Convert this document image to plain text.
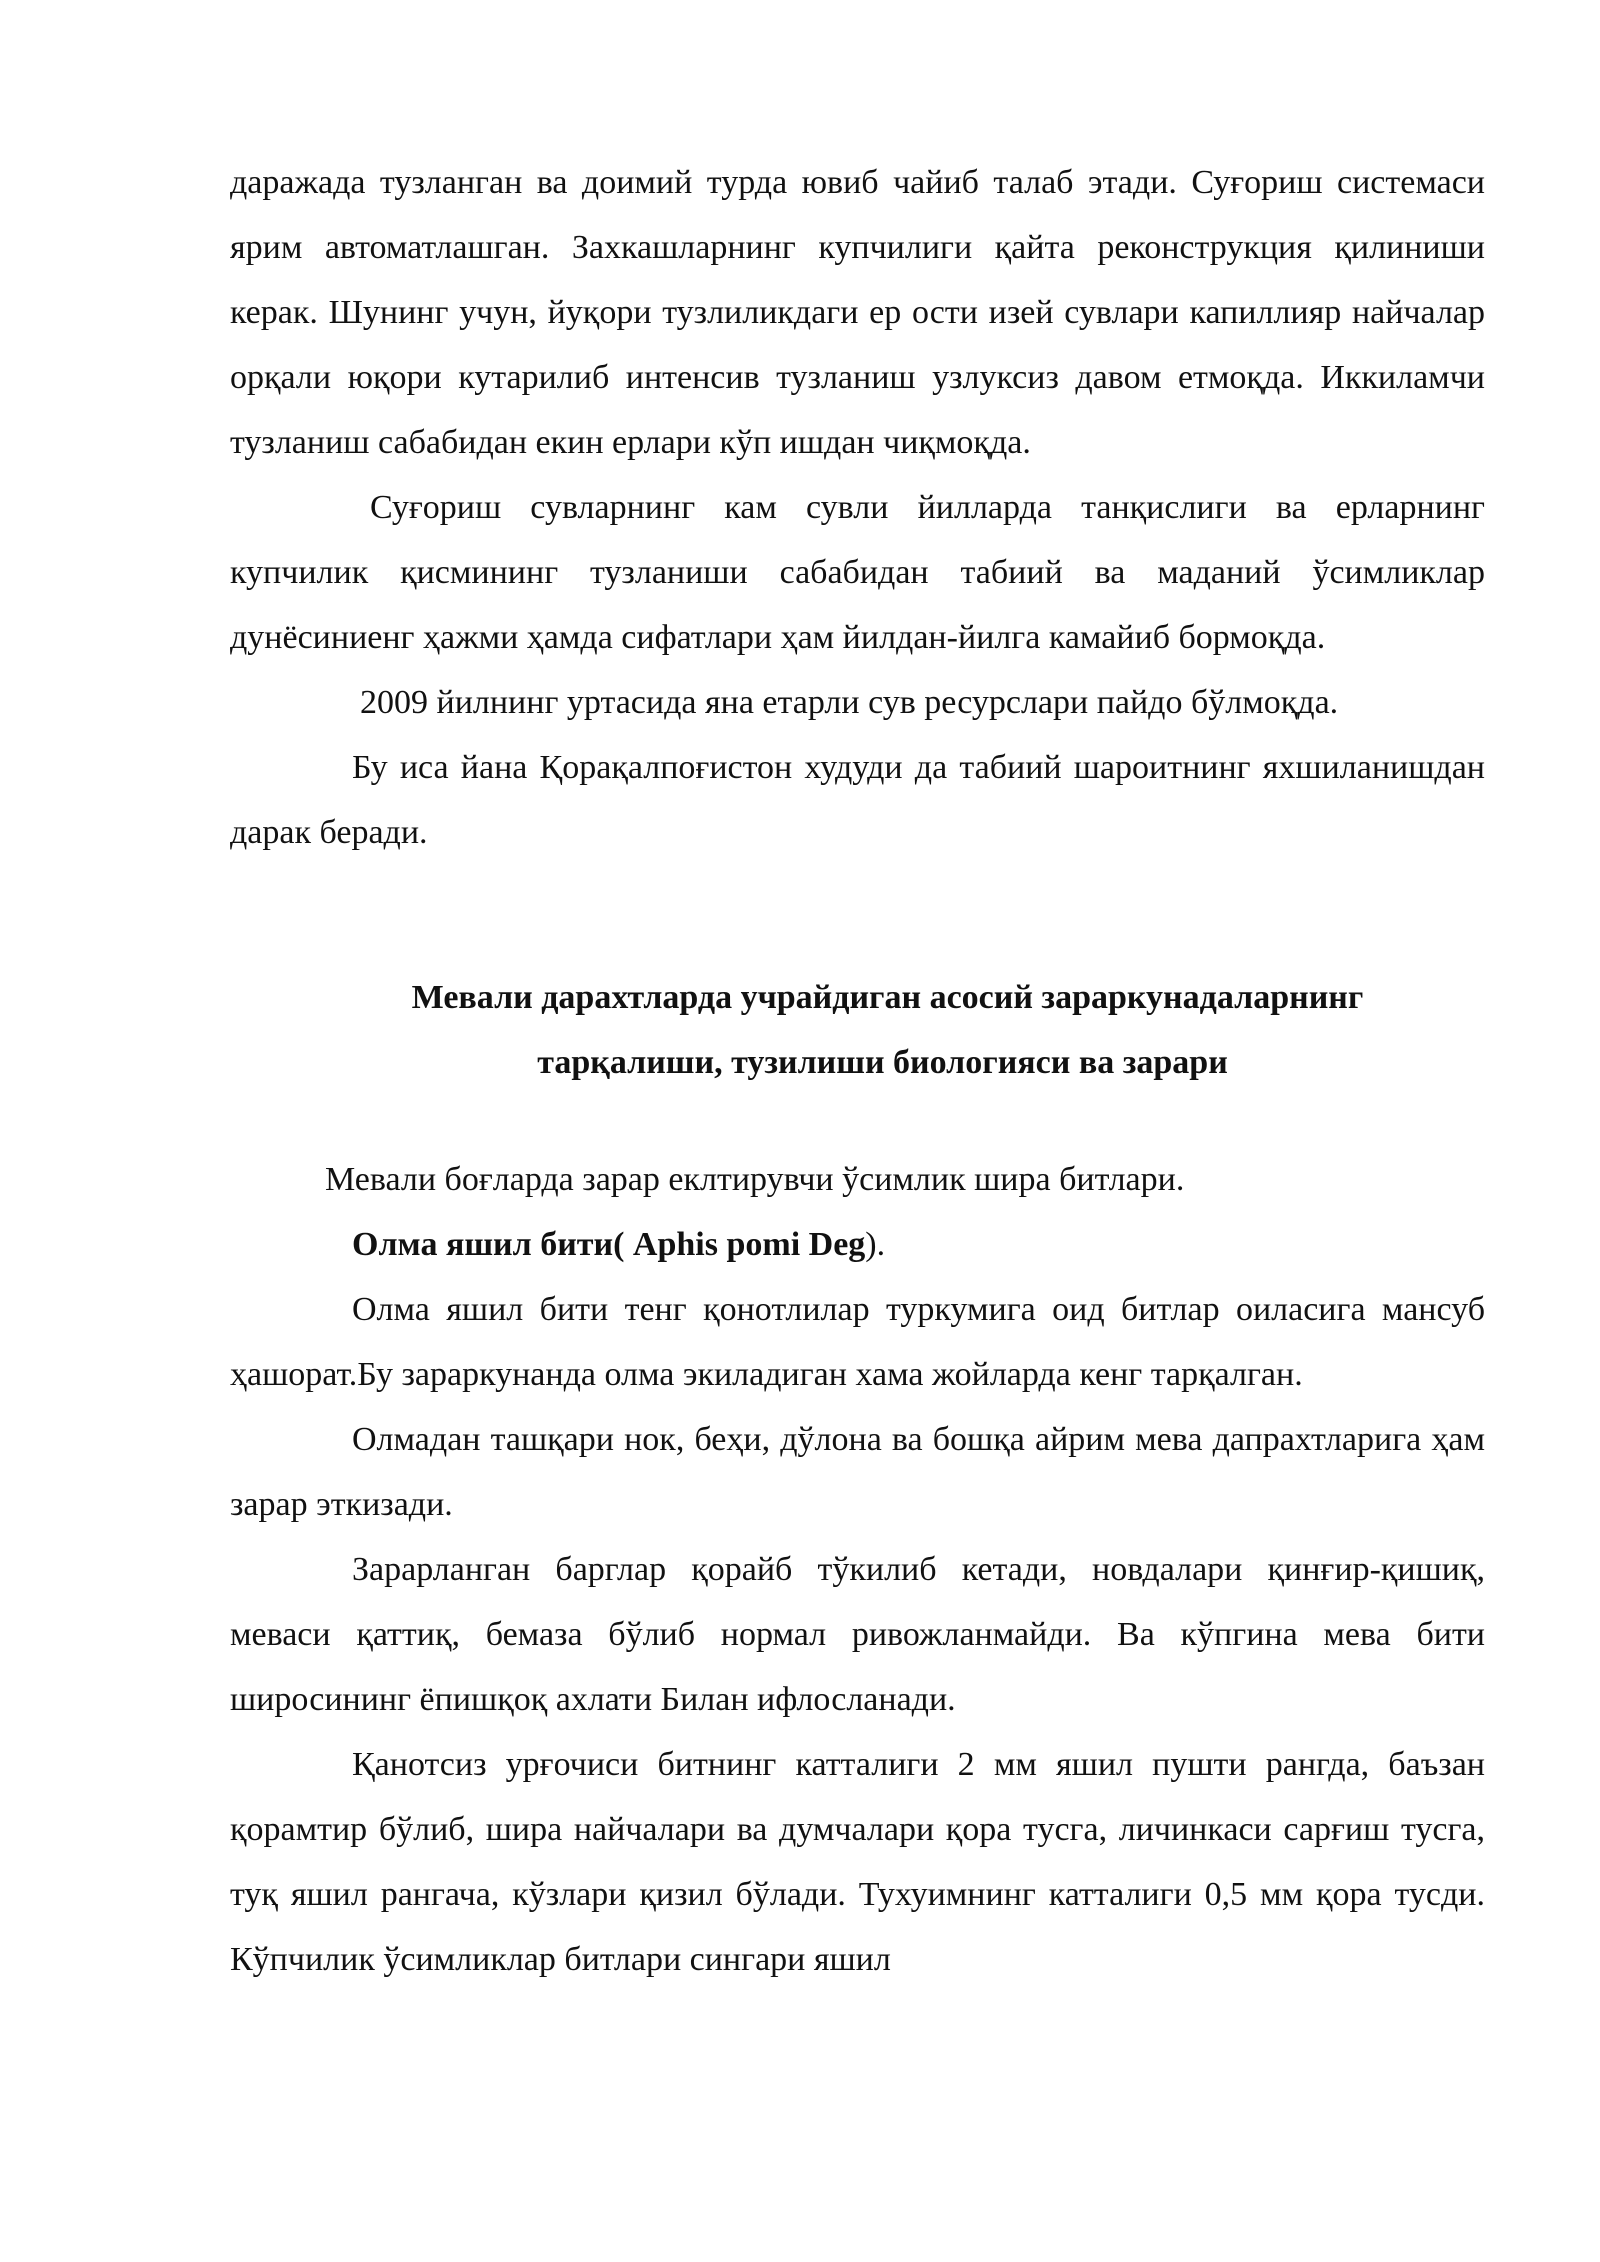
даражада тузланган ва доимий турда ювиб чайиб талаб этади. Суғориш системаси ярим автоматлашган. Захкашларнинг купчилиги қайта реконструкция қилиниши керак. Шунинг учун, йуқори тузлиликдаги ер ости изей сувлари капиллияр найчалар орқали юқори кутарилиб интенсив тузланиш узлуксиз давом етмоқда. Иккиламчи тузланиш сабабидан екин ерлари кўп ишдан чиқмоқда.

Суғориш сувларнинг кам сувли йилларда танқислиги ва ерларнинг купчилик қисмининг тузланиши сабабидан табиий ва маданий ўсимликлар дунёсиниенг ҳажми ҳамда сифатлари ҳам йилдан-йилга камайиб бормоқда.

2009 йилнинг уртасида яна етарли сув ресурслари пайдо бўлмоқда.

Бу иса йана Қорақалпоғистон худуди да табиий шароитнинг яхшиланишдан дарак беради.

Мевали дарахтларда учрайдиган асосий зараркунадаларнинг
тарқалиши, тузилиши биологияси ва зарари

Мевали боғларда зарар еклтирувчи ўсимлик шира битлари.

Олма яшил бити( Aphis pomi Deg).

Олма яшил бити тенг қонотлилар туркумига оид битлар оиласига мансуб ҳашорат.Бу зараркунанда олма экиладиган хама жойларда кенг тарқалган.

Олмадан ташқари нок, беҳи, дўлона ва бошқа айрим мева дапрахтларига ҳам зарар эткизади.

Зарарланган барглар қорайб тўкилиб кетади, новдалари қинғир-қишиқ, меваси қаттиқ, бемаза бўлиб нормал ривожланмайди. Ва кўпгина мева бити широсининг ёпишқоқ ахлати Билан ифлосланади.

Қанотсиз урғочиси битнинг катталиги 2 мм яшил пушти рангда, баъзан қорамтир бўлиб, шира найчалари ва думчалари қора тусга, личинкаси сарғиш тусга, туқ яшил рангача, кўзлари қизил бўлади. Тухуимнинг катталиги 0,5 мм қора тусди. Кўпчилик ўсимликлар битлари сингари яшил
